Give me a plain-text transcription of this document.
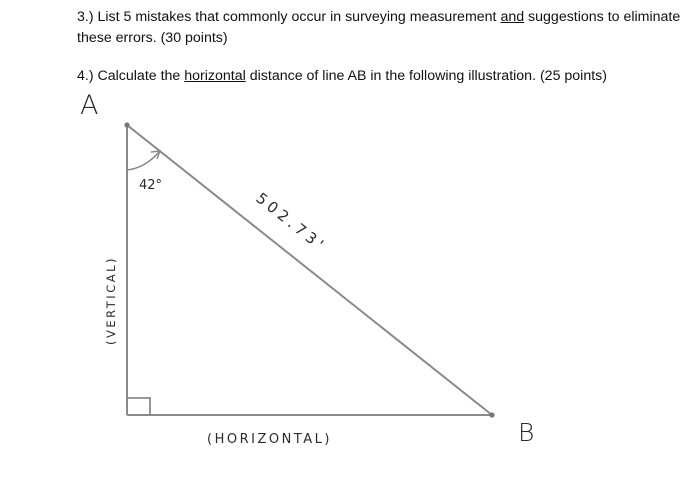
3.) List 5 mistakes that commonly occur in surveying measurement and suggestions to eliminate these errors. (30 points)

4.) Calculate the horizontal distance of line AB in the following illustration. (25 points)

A
B
42°
502.73'
(VERTICAL)
(HORIZONTAL)
